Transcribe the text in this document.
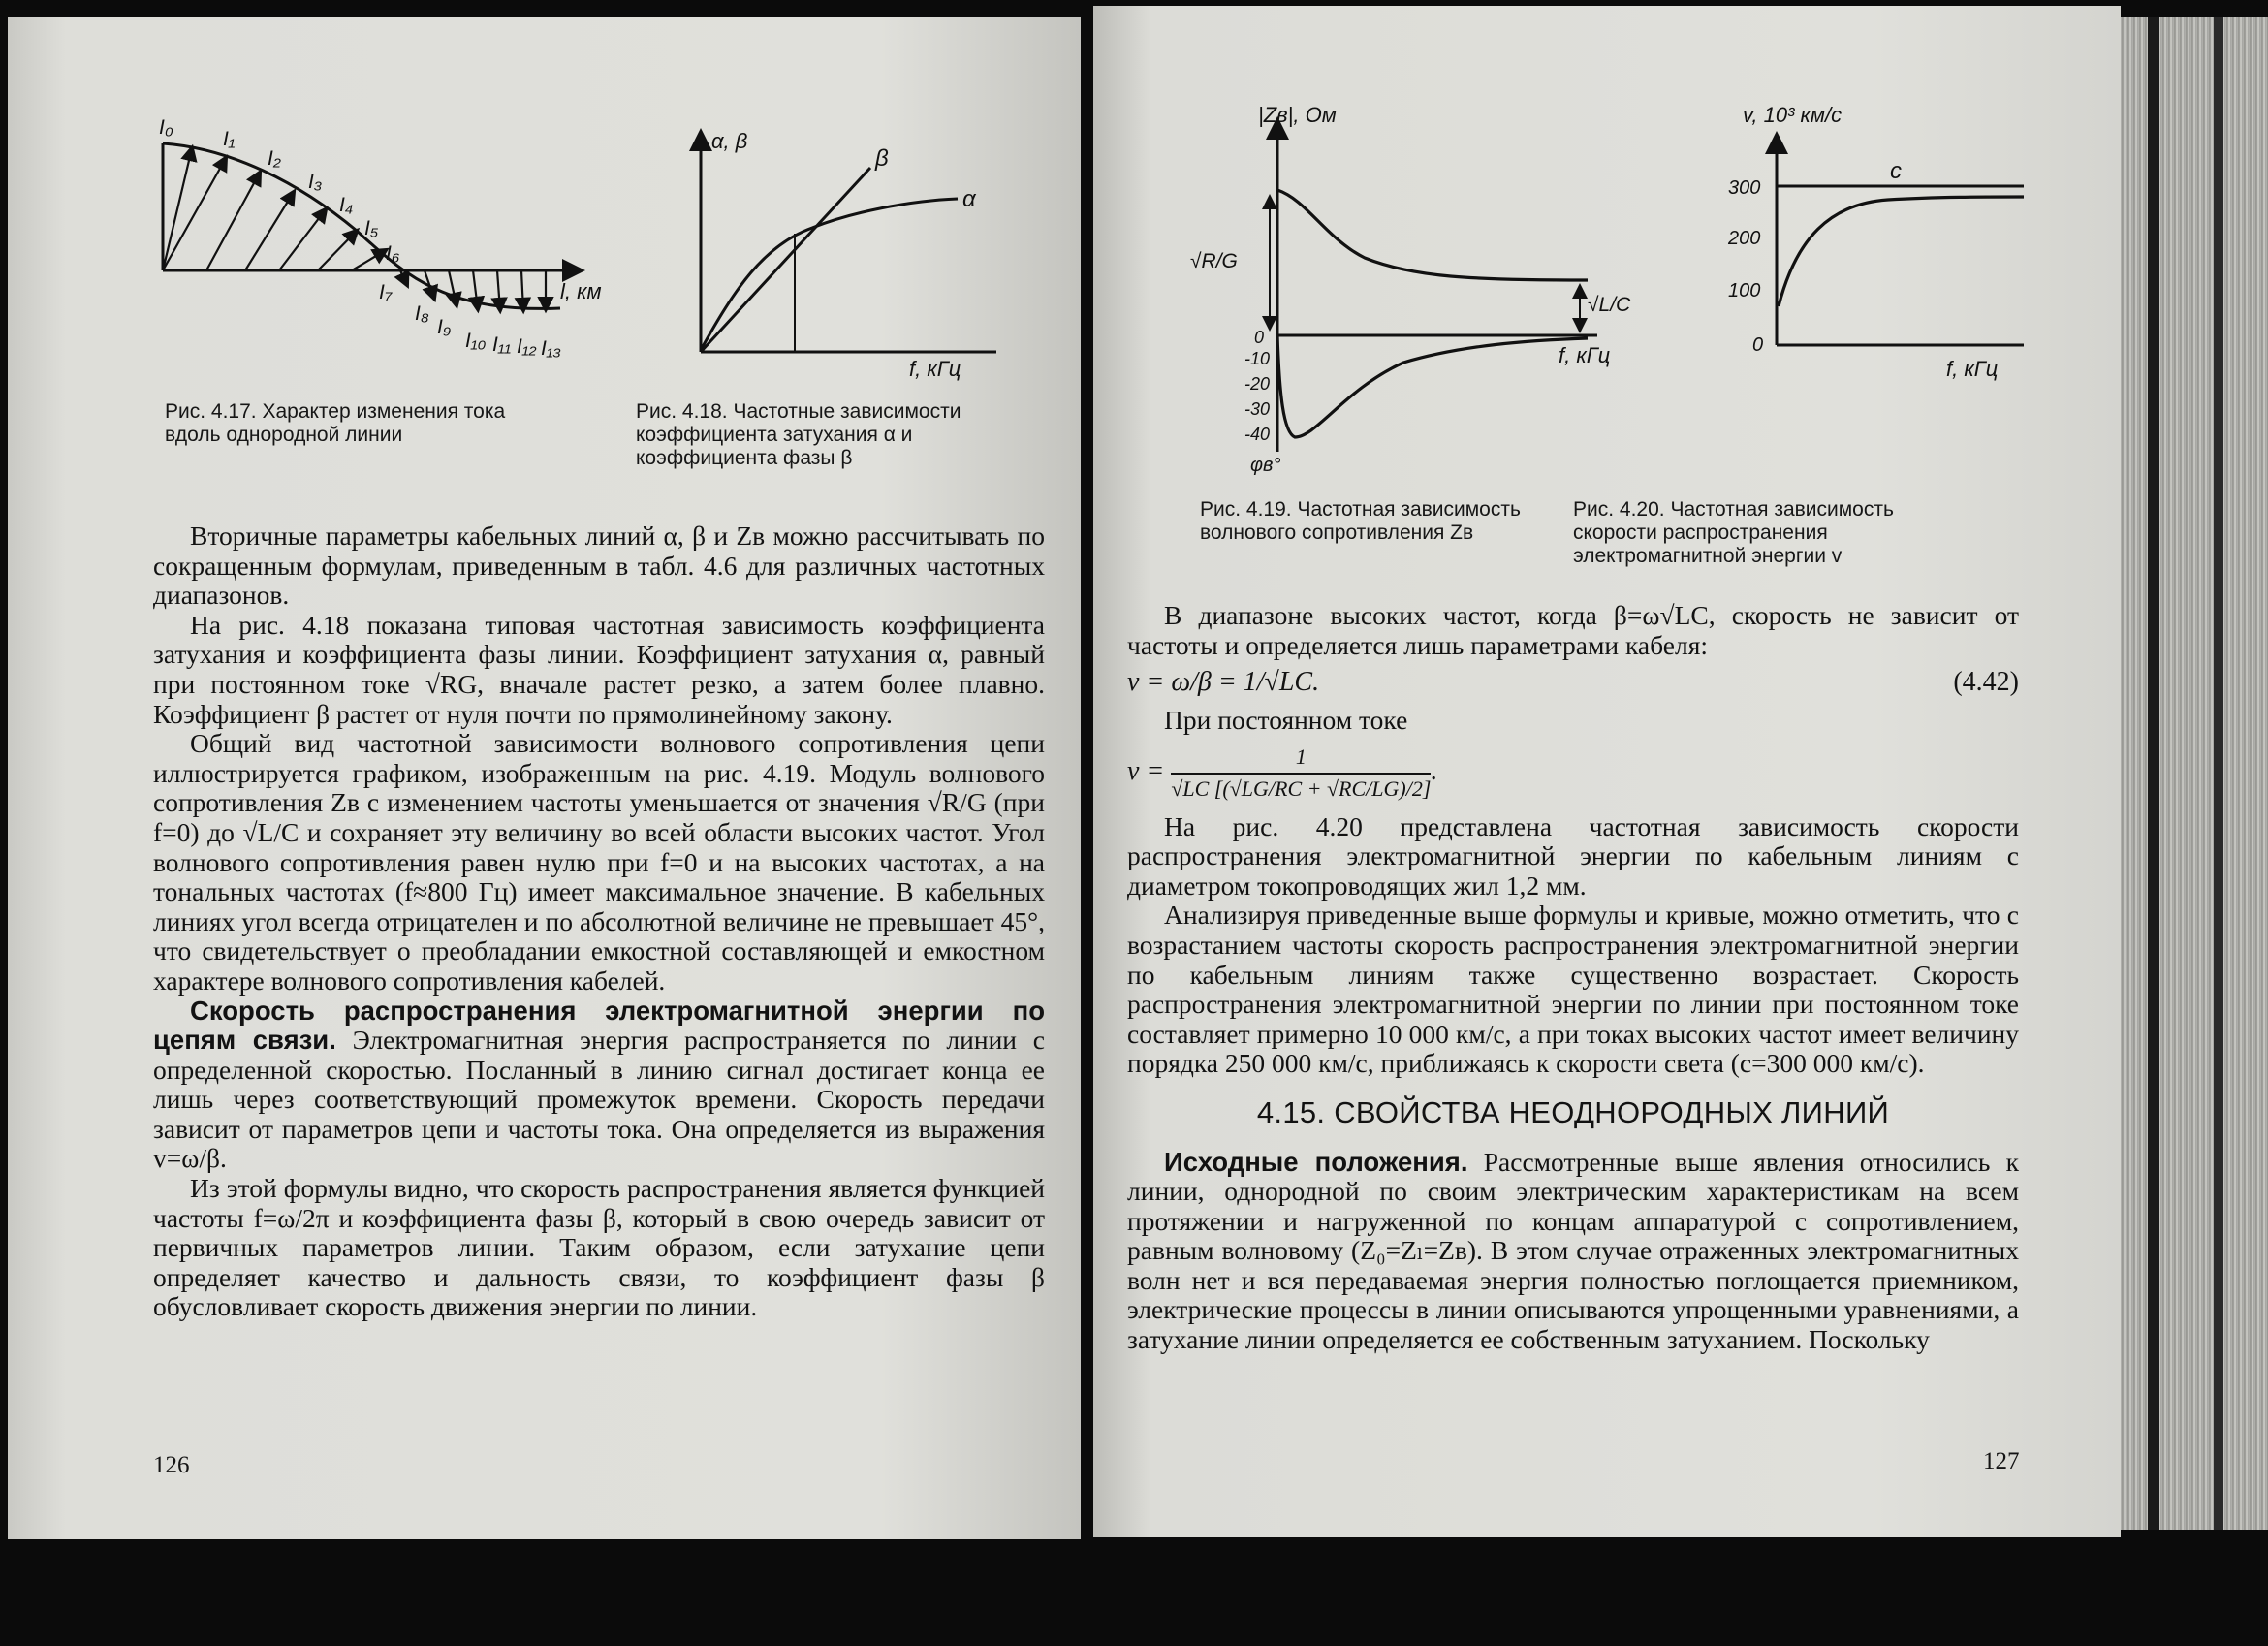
I₀
I₁
I₂
I₃
I₄
I₅
I₆
I₇
I₈
I₉
I₁₀ I₁₁ I₁₂ I₁₃
l, км
Рис. 4.17. Характер изменения тока вдоль однородной линии
α, β
β
α
f, кГц
Рис. 4.18. Частотные зависимости коэффициента затухания α и коэффициента фазы β

Вторичные параметры кабельных линий α, β и Zв можно рассчитывать по сокращенным формулам, приведенным в табл. 4.6 для различных частотных диапазонов.

На рис. 4.18 показана типовая частотная зависимость коэффициента затухания и коэффициента фазы линии. Коэффициент затухания α, равный при постоянном токе √RG, вначале растет резко, а затем более плавно. Коэффициент β растет от нуля почти по прямолинейному закону.

Общий вид частотной зависимости волнового сопротивления цепи иллюстрируется графиком, изображенным на рис. 4.19. Модуль волнового сопротивления Zв с изменением частоты уменьшается от значения √R/G (при f=0) до √L/C и сохраняет эту величину во всей области высоких частот. Угол волнового сопротивления равен нулю при f=0 и на высоких частотах, а на тональных частотах (f≈800 Гц) имеет максимальное значение. В кабельных линиях угол всегда отрицателен и по абсолютной величине не превышает 45°, что свидетельствует о преобладании емкостной составляющей и емкостном характере волнового сопротивления кабелей.

Скорость распространения электромагнитной энергии по цепям связи. Электромагнитная энергия распространяется по линии с определенной скоростью. Посланный в линию сигнал достигает конца ее лишь через соответствующий промежуток времени. Скорость передачи зависит от параметров цепи и частоты тока. Она определяется из выражения v=ω/β.

Из этой формулы видно, что скорость распространения является функцией частоты f=ω/2π и коэффициента фазы β, который в свою очередь зависит от первичных параметров линии. Таким образом, если затухание цепи определяет качество и дальность связи, то коэффициент фазы β обусловливает скорость движения энергии по линии.

126
|Zв|, Ом
√R/G
√L/C
f, кГц
0
-10
-20
-30
-40
φв°
Рис. 4.19. Частотная зависимость волнового сопротивления Zв
v, 10³ км/с
c
300
200
100
0
f, кГц
Рис. 4.20. Частотная зависимость скорости распространения электромагнитной энергии v

В диапазоне высоких частот, когда β=ω√LC, скорость не зависит от частоты и определяется лишь параметрами кабеля:

v = ω/β = 1/√LC.	(4.42)

При постоянном токе

$v = \frac{1}{√LC [(√LG/RC + √RC/LG)/2]}$ .

На рис. 4.20 представлена частотная зависимость скорости распространения электромагнитной энергии по кабельным линиям с диаметром токопроводящих жил 1,2 мм.

Анализируя приведенные выше формулы и кривые, можно отметить, что с возрастанием частоты скорость распространения электромагнитной энергии по кабельным линиям также существенно возрастает. Скорость распространения электромагнитной энергии по линии при постоянном токе составляет примерно 10 000 км/с, а при токах высоких частот имеет величину порядка 250 000 км/с, приближаясь к скорости света (c=300 000 км/с).

4.15. СВОЙСТВА НЕОДНОРОДНЫХ ЛИНИЙ

Исходные положения. Рассмотренные выше явления относились к линии, однородной по своим электрическим характеристикам на всем протяжении и нагруженной по концам аппаратурой с сопротивлением, равным волновому (Z₀=Zₗ=Zв). В этом случае отраженных электромагнитных волн нет и вся передаваемая энергия полностью поглощается приемником, электрические процессы в линии описываются упрощенными уравнениями, а затухание линии определяется ее собственным затуханием. Поскольку

127
